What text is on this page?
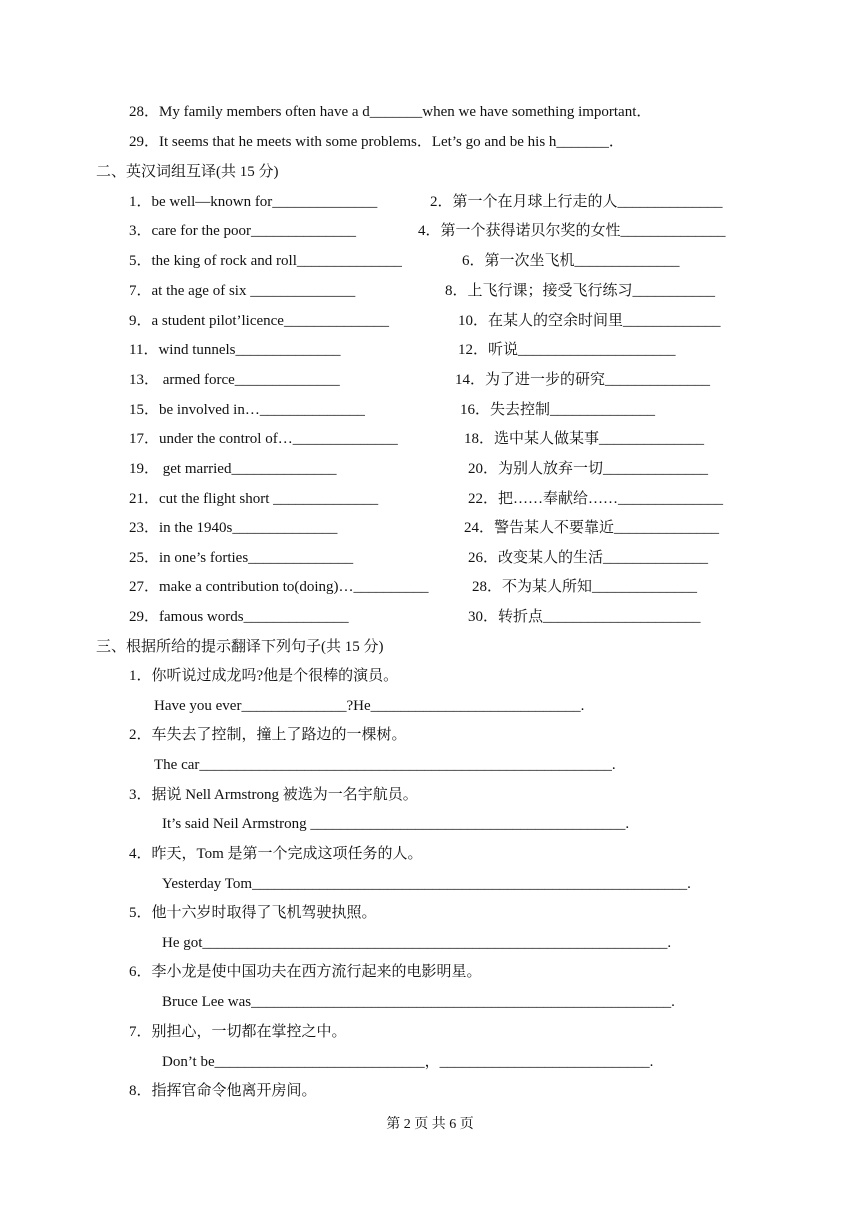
28．My family members often have a d_______when we have something important．
29．It seems that he meets with some problems．Let’s go and be his h_______．
二、英汉词组互译(共 15 分)
1．be well—known for______________	2．第一个在月球上行走的人______________
3．care for the poor______________	4．第一个获得诺贝尔奖的女性______________
5．the king of rock and roll______________	6．第一次坐飞机______________
7．at the age of six ______________	8．上飞行课；接受飞行练习___________
9．a student pilot’licence______________	10．在某人的空余时间里_____________
11．wind tunnels______________	12．听说_____________________
13． armed force______________	14．为了进一步的研究______________
15．be involved in…______________	16．失去控制______________
17．under the control of…______________	18．选中某人做某事______________
19． get married______________	20．为别人放弃一切______________
21．cut the flight short ______________	22．把……奉献给……______________
23．in the 1940s______________	24．警告某人不要靠近______________
25．in one’s forties______________	26．改变某人的生活______________
27．make a contribution to(doing)…__________	28．不为某人所知______________
29．famous words______________	30．转折点_____________________
三、根据所给的提示翻译下列句子(共 15 分)
1．你听说过成龙吗?他是个很棒的演员。
Have you ever______________?He____________________________.
2．车失去了控制，撞上了路边的一棵树。
The car_______________________________________________________.
3．据说 Nell Armstrong 被选为一名宇航员。
It’s said Neil Armstrong __________________________________________.
4．昨天，Tom 是第一个完成这项任务的人。
Yesterday Tom__________________________________________________________.
5．他十六岁时取得了飞机驾驶执照。
He got______________________________________________________________.
6．李小龙是使中国功夫在西方流行起来的电影明星。
Bruce Lee was________________________________________________________.
7．别担心，一切都在掌控之中。
Don’t be____________________________，____________________________.
8．指挥官命令他离开房间。
第 2 页 共 6 页
